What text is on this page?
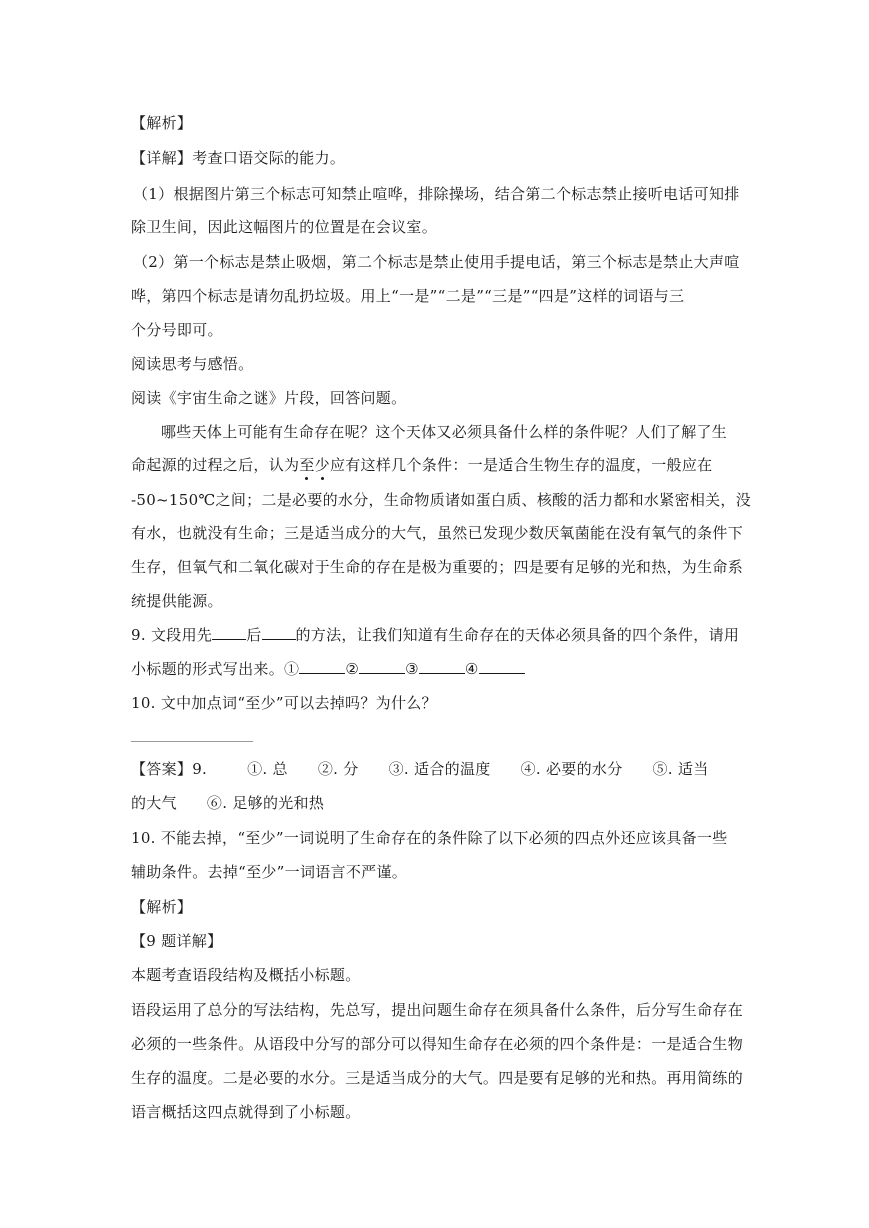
【解析】
【详解】考查口语交际的能力。
（1）根据图片第三个标志可知禁止喧哗，排除操场，结合第二个标志禁止接听电话可知排
除卫生间，因此这幅图片的位置是在会议室。
（2）第一个标志是禁止吸烟，第二个标志是禁止使用手提电话，第三个标志是禁止大声喧
哗，第四个标志是请勿乱扔垃圾。用上“一是”“二是”“三是”“四是”这样的词语与三
个分号即可。
阅读思考与感悟。
阅读《宇宙生命之谜》片段，回答问题。
哪些天体上可能有生命存在呢？这个天体又必须具备什么样的条件呢？人们了解了生
命起源的过程之后，认为至少应有这样几个条件：一是适合生物生存的温度，一般应在
-50~150℃之间；二是必要的水分，生命物质诸如蛋白质、核酸的活力都和水紧密相关，没
有水，也就没有生命；三是适当成分的大气，虽然已发现少数厌氧菌能在没有氧气的条件下
生存，但氧气和二氧化碳对于生命的存在是极为重要的；四是要有足够的光和热，为生命系
统提供能源。
9. 文段用先 后 的方法，让我们知道有生命存在的天体必须具备的四个条件，请用
小标题的形式写出来。①	②	③	④
10. 文中加点词“至少”可以去掉吗？为什么？
【答案】9.	①. 总 ②. 分 ③. 适合的温度 ④. 必要的水分 ⑤. 适当
的大气 ⑥. 足够的光和热
10. 不能去掉，“至少”一词说明了生命存在的条件除了以下必须的四点外还应该具备一些
辅助条件。去掉“至少”一词语言不严谨。
【解析】
【9 题详解】
本题考查语段结构及概括小标题。
语段运用了总分的写法结构，先总写，提出问题生命存在须具备什么条件，后分写生命存在
必须的一些条件。从语段中分写的部分可以得知生命存在必须的四个条件是：一是适合生物
生存的温度。二是必要的水分。三是适当成分的大气。四是要有足够的光和热。再用简练的
语言概括这四点就得到了小标题。
